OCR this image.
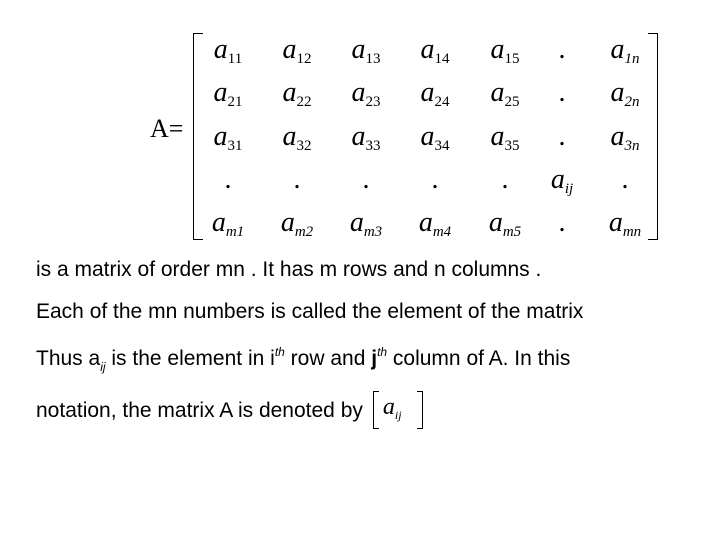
A=
$a_{11}$	$a_{12}$	$a_{13}$	$a_{14}$	$a_{15}$	.	$a_{1n}$
$a_{21}$	$a_{22}$	$a_{23}$	$a_{24}$	$a_{25}$	.	$a_{2n}$
$a_{31}$	$a_{32}$	$a_{33}$	$a_{34}$	$a_{35}$	.	$a_{3n}$
.	.	.	.	.	$a_{ij}$	.
$a_{m1}$	$a_{m2}$	$a_{m3}$	$a_{m4}$	$a_{m5}$	.	$a_{mn}$
is a matrix of order mn . It has m rows and n columns .
Each of the mn numbers is called the element of the matrix
Thus $a_{ij}$ is the element in $i^{th}$ row and $j^{th}$ column of A. In this
notation, the matrix A is denoted by $a_{ij}$
